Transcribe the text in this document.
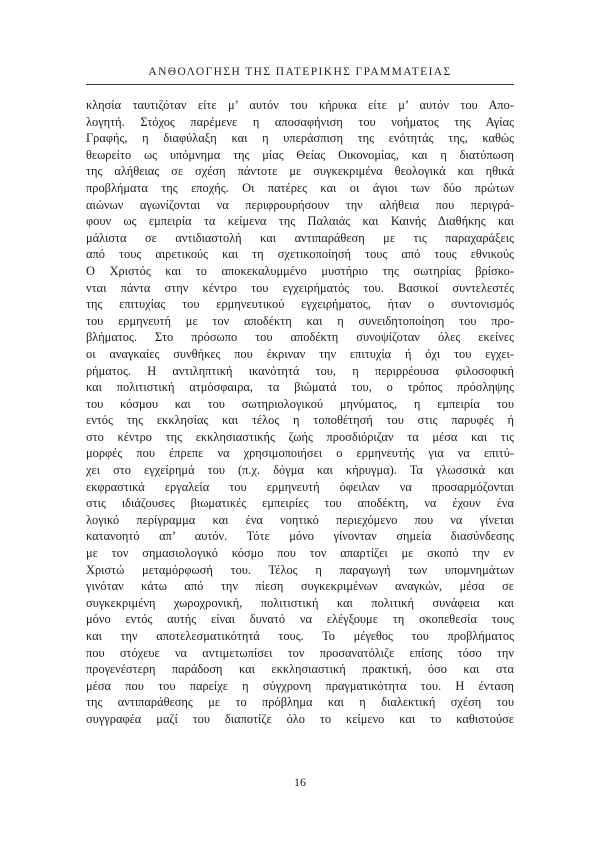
ΑΝΘΟΛΟΓΗΣΗ ΤΗΣ ΠΑΤΕΡΙΚΗΣ ΓΡΑΜΜΑΤΕΙΑΣ
κλησία ταυτιζόταν είτε μ’ αυτόν του κήρυκα είτε μ’ αυτόν του Απο-
λογητή. Στόχος παρέμενε η αποσαφήνιση του νοήματος της Αγίας
Γραφής, η διαφύλαξη και η υπεράσπιση της ενότητάς της, καθώς
θεωρείτο ως υπόμνημα της μίας Θείας Οικονομίας, και η διατύπωση
της αλήθειας σε σχέση πάντοτε με συγκεκριμένα θεολογικά και ηθικά
προβλήματα της εποχής. Οι πατέρες και οι άγιοι των δύο πρώτων
αιώνων αγωνίζονται να περιφρουρήσουν την αλήθεια που περιγρά-
φουν ως εμπειρία τα κείμενα της Παλαιάς και Καινής Διαθήκης και
μάλιστα σε αντιδιαστολή και αντιπαράθεση με τις παραχαράξεις
από τους αιρετικούς και τη σχετικοποίησή τους από τους εθνικούς
Ο Χριστός και το αποκεκαλυμμένο μυστήριο της σωτηρίας βρίσκο-
νται πάντα στην κέντρο του εγχειρήματός του. Βασικοί συντελεστές
της επιτυχίας του ερμηνευτικού εγχειρήματος, ήταν ο συντονισμός
του ερμηνευτή με τον αποδέκτη και η συνειδητοποίηση του προ-
βλήματος. Στο πρόσωπο του αποδέκτη συνοψίζοταν όλες εκείνες
οι αναγκαίες συνθήκες που έκριναν την επιτυχία ή όχι του εγχει-
ρήματος. Η αντιληπτική ικανότητά του, η περιρρέουσα φιλοσοφική
και πολιτιστική ατμόσφαιρα, τα βιώματά του, ο τρόπος πρόσληψης
του κόσμου και του σωτηριολογικού μηνύματος, η εμπειρία του
εντός της εκκλησίας και τέλος η τοποθέτησή του στις παρυφές ή
στο κέντρο της εκκλησιαστικής ζωής προσδιόριζαν τα μέσα και τις
μορφές που έπρεπε να χρησιμοποιήσει ο ερμηνευτής για να επιτύ-
χει στο εγχείρημά του (π.χ. δόγμα και κήρυγμα). Τα γλωσσικά και
εκφραστικά εργαλεία του ερμηνευτή όφειλαν να προσαρμόζονται
στις ιδιάζουσες βιωματικές εμπειρίες του αποδέκτη, να έχουν ένα
λογικό περίγραμμα και ένα νοητικό περιεχόμενο που να γίνεται
κατανοητό απ’ αυτόν. Τότε μόνο γίνονταν σημεία διασύνδεσης
με τον σημασιολογικό κόσμο που τον απαρτίζει με σκοπό την εν
Χριστώ μεταμόρφωσή του. Τέλος η παραγωγή των υπομνημάτων
γινόταν κάτω από την πίεση συγκεκριμένων αναγκών, μέσα σε
συγκεκριμένη χωροχρονική, πολιτιστική και πολιτική συνάφεια και
μόνο εντός αυτής είναι δυνατό να ελέγξουμε τη σκοπεθεσία τους
και την αποτελεσματικότητά τους. Το μέγεθος του προβλήματος
που στόχευε να αντιμετωπίσει τον προσανατόλιζε επίσης τόσο την
προγενέστερη παράδοση και εκκλησιαστική πρακτική, όσο και στα
μέσα που του παρείχε η σύγχρονη πραγματικότητα του. Η ένταση
της αντιπαράθεσης με το πρόβλημα και η διαλεκτική σχέση του
συγγραφέα μαζί του διαποτίζε όλο το κείμενο και το καθιστούσε
16
